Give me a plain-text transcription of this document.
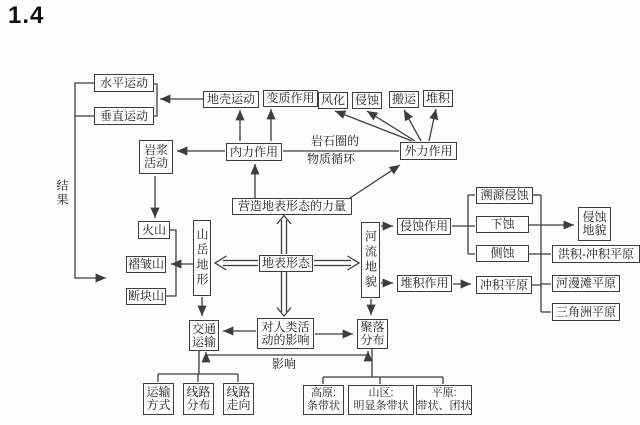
1.4
水平运动
垂直运动
地壳运动 变质作用 风化 侵蚀 搬运 堆积
岩浆
活动
内力作用	外力作用
岩石圈的
物质循环
营造地表形态的力量
结果
火山
褶皱山
断块山
山岳地形	地表形态	河流地貌
侵蚀作用
溯源侵蚀
下蚀
侧蚀
侵蚀
地貌
堆积作用	冲积平原
洪积-冲积平原
河漫滩平原
三角洲平原
交通
运输
对人类活
动的影响
聚落
分布
影响
运输
方式
线路
分布
线路
走向
高原:
条带状
山区:
明显条带状
平原:
带状、团状
